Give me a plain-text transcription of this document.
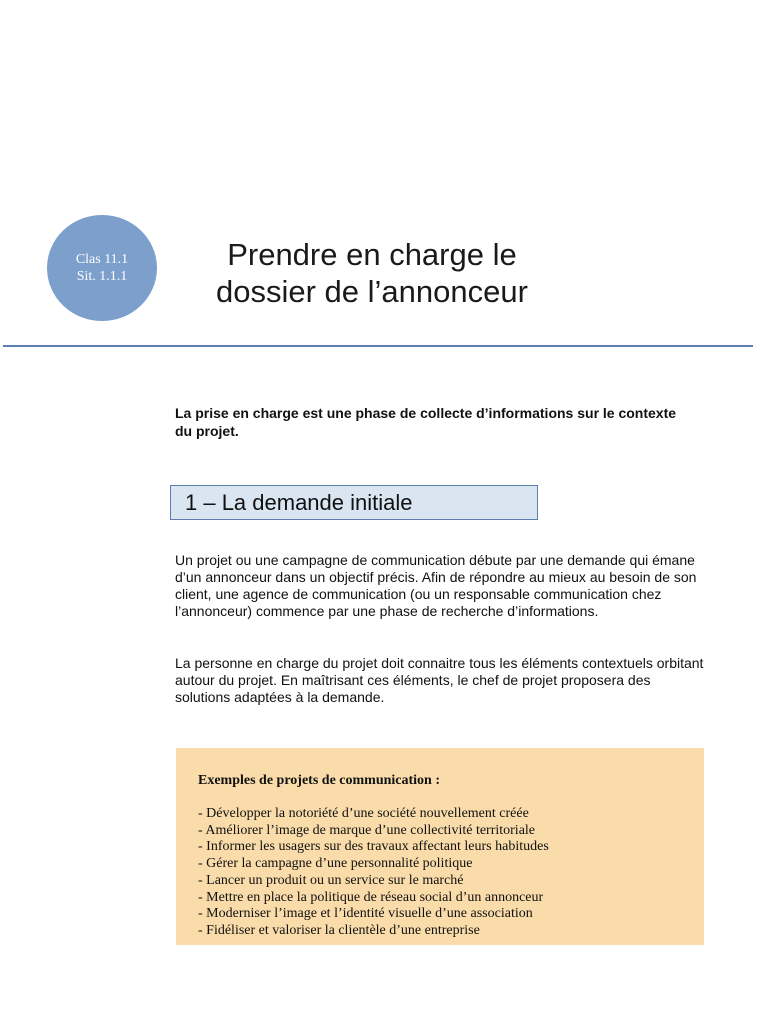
Clas 11.1
Sit. 1.1.1
Prendre en charge le
dossier de l’annonceur

La prise en charge est une phase de collecte d’informations sur le contexte du projet.

1 – La demande initiale

Un projet ou une campagne de communication débute par une demande qui émane d’un annonceur dans un objectif précis. Afin de répondre au mieux au besoin de son client, une agence de communication (ou un responsable communication chez l’annonceur) commence par une phase de recherche d’informations.

La personne en charge du projet doit connaitre tous les éléments contextuels orbitant autour du projet. En maîtrisant ces éléments, le chef de projet proposera des solutions adaptées à la demande.

Exemples de projets de communication :

- Développer la notoriété d’une société nouvellement créée
- Améliorer l’image de marque d’une collectivité territoriale
- Informer les usagers sur des travaux affectant leurs habitudes
- Gérer la campagne d’une personnalité politique
- Lancer un produit ou un service sur le marché
- Mettre en place la politique de réseau social d’un annonceur
- Moderniser l’image et l’identité visuelle d’une association
- Fidéliser et valoriser la clientèle d’une entreprise
